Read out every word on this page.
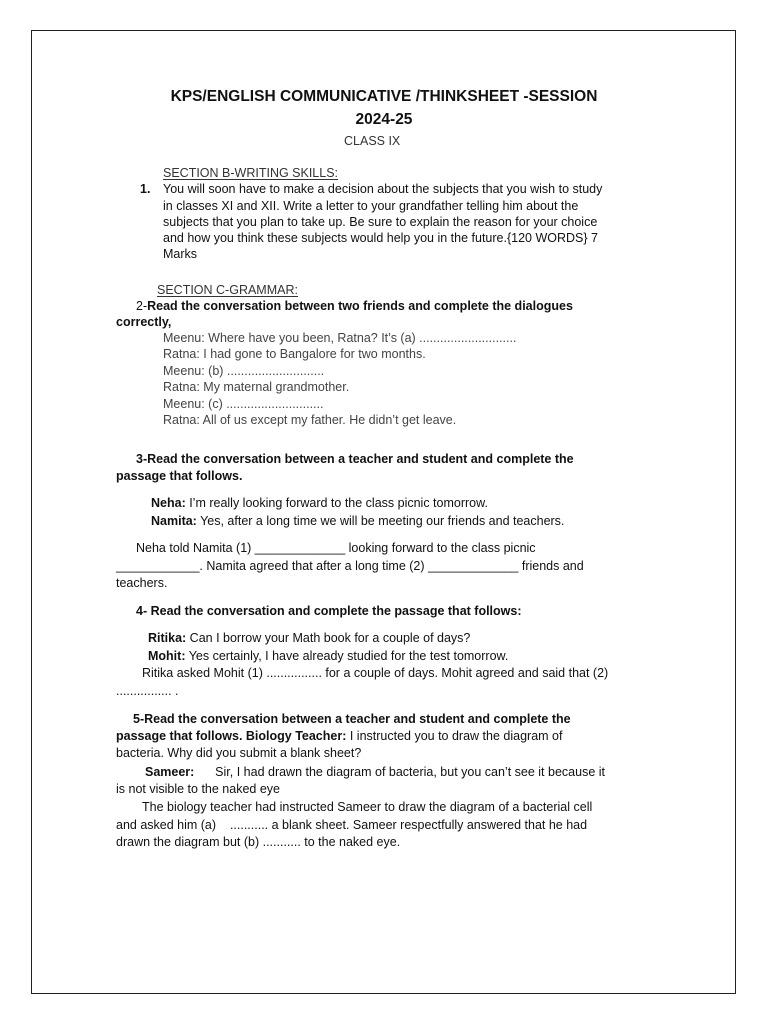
KPS/ENGLISH COMMUNICATIVE /THINKSHEET -SESSION
2024-25
CLASS IX
SECTION B-WRITING SKILLS:
1. You will soon have to make a decision about the subjects that you wish to study
in classes XI and XII. Write a letter to your grandfather telling him about the
subjects that you plan to take up. Be sure to explain the reason for your choice
and how you think these subjects would help you in the future.{120 WORDS} 7
Marks
SECTION C-GRAMMAR:
2-Read the conversation between two friends and complete the dialogues
correctly,
Meenu: Where have you been, Ratna? It’s (a) ............................
Ratna: I had gone to Bangalore for two months.
Meenu: (b) ............................
Ratna: My maternal grandmother.
Meenu: (c) ............................
Ratna: All of us except my father. He didn’t get leave.
3-Read the conversation between a teacher and student and complete the
passage that follows.
Neha: I’m really looking forward to the class picnic tomorrow.
Namita: Yes, after a long time we will be meeting our friends and teachers.
Neha told Namita (1) _____________ looking forward to the class picnic
____________. Namita agreed that after a long time (2) _____________ friends and
teachers.
4- Read the conversation and complete the passage that follows:
Ritika: Can I borrow your Math book for a couple of days?
Mohit: Yes certainly, I have already studied for the test tomorrow.
Ritika asked Mohit (1) ................ for a couple of days. Mohit agreed and said that (2)
................ .
5-Read the conversation between a teacher and student and complete the
passage that follows. Biology Teacher: I instructed you to draw the diagram of
bacteria. Why did you submit a blank sheet?
Sameer:      Sir, I had drawn the diagram of bacteria, but you can’t see it because it
is not visible to the naked eye
The biology teacher had instructed Sameer to draw the diagram of a bacterial cell
and asked him (a)    ........... a blank sheet. Sameer respectfully answered that he had
drawn the diagram but (b) ........... to the naked eye.
